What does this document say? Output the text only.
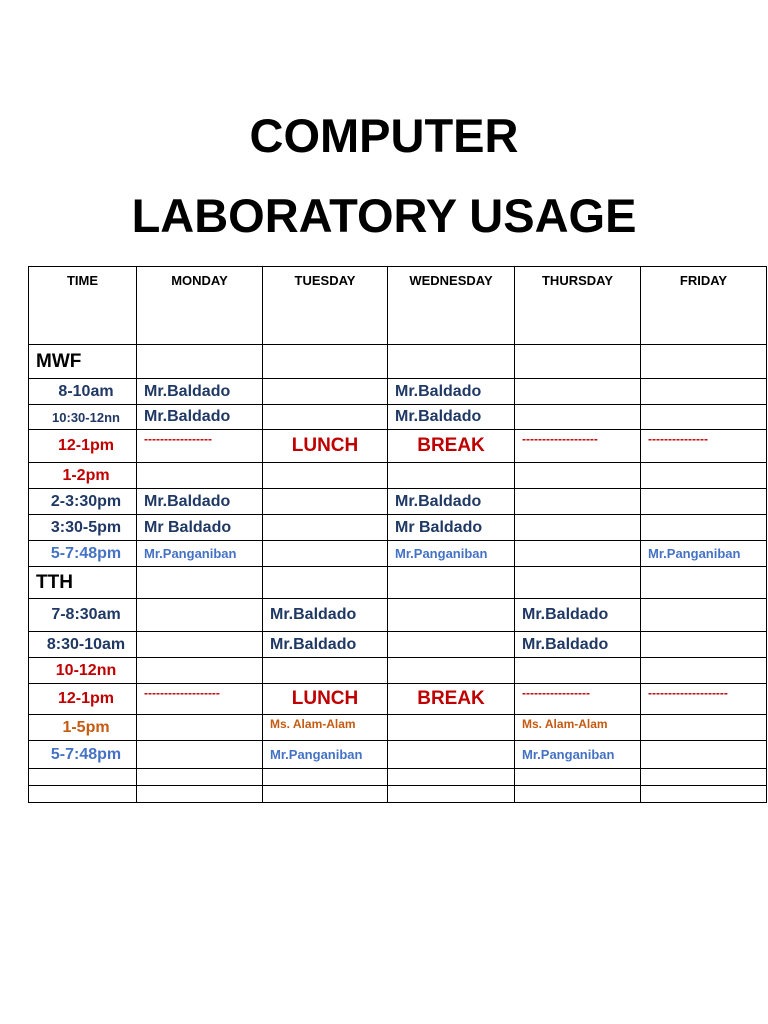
COMPUTER
LABORATORY USAGE
TIME	MONDAY	TUESDAY	WEDNESDAY	THURSDAY	FRIDAY
MWF					
8-10am	Mr.Baldado		Mr.Baldado		
10:30-12nn	Mr.Baldado		Mr.Baldado		
12-1pm	-----------------	LUNCH	BREAK	-------------------	---------------
1-2pm					
2-3:30pm	Mr.Baldado		Mr.Baldado		
3:30-5pm	Mr Baldado		Mr Baldado		
5-7:48pm	Mr.Panganiban		Mr.Panganiban		Mr.Panganiban
TTH					
7-8:30am		Mr.Baldado		Mr.Baldado	
8:30-10am		Mr.Baldado		Mr.Baldado	
10-12nn					
12-1pm	-------------------	LUNCH	BREAK	-----------------	--------------------
1-5pm		Ms. Alam-Alam		Ms. Alam-Alam	
5-7:48pm		Mr.Panganiban		Mr.Panganiban	
